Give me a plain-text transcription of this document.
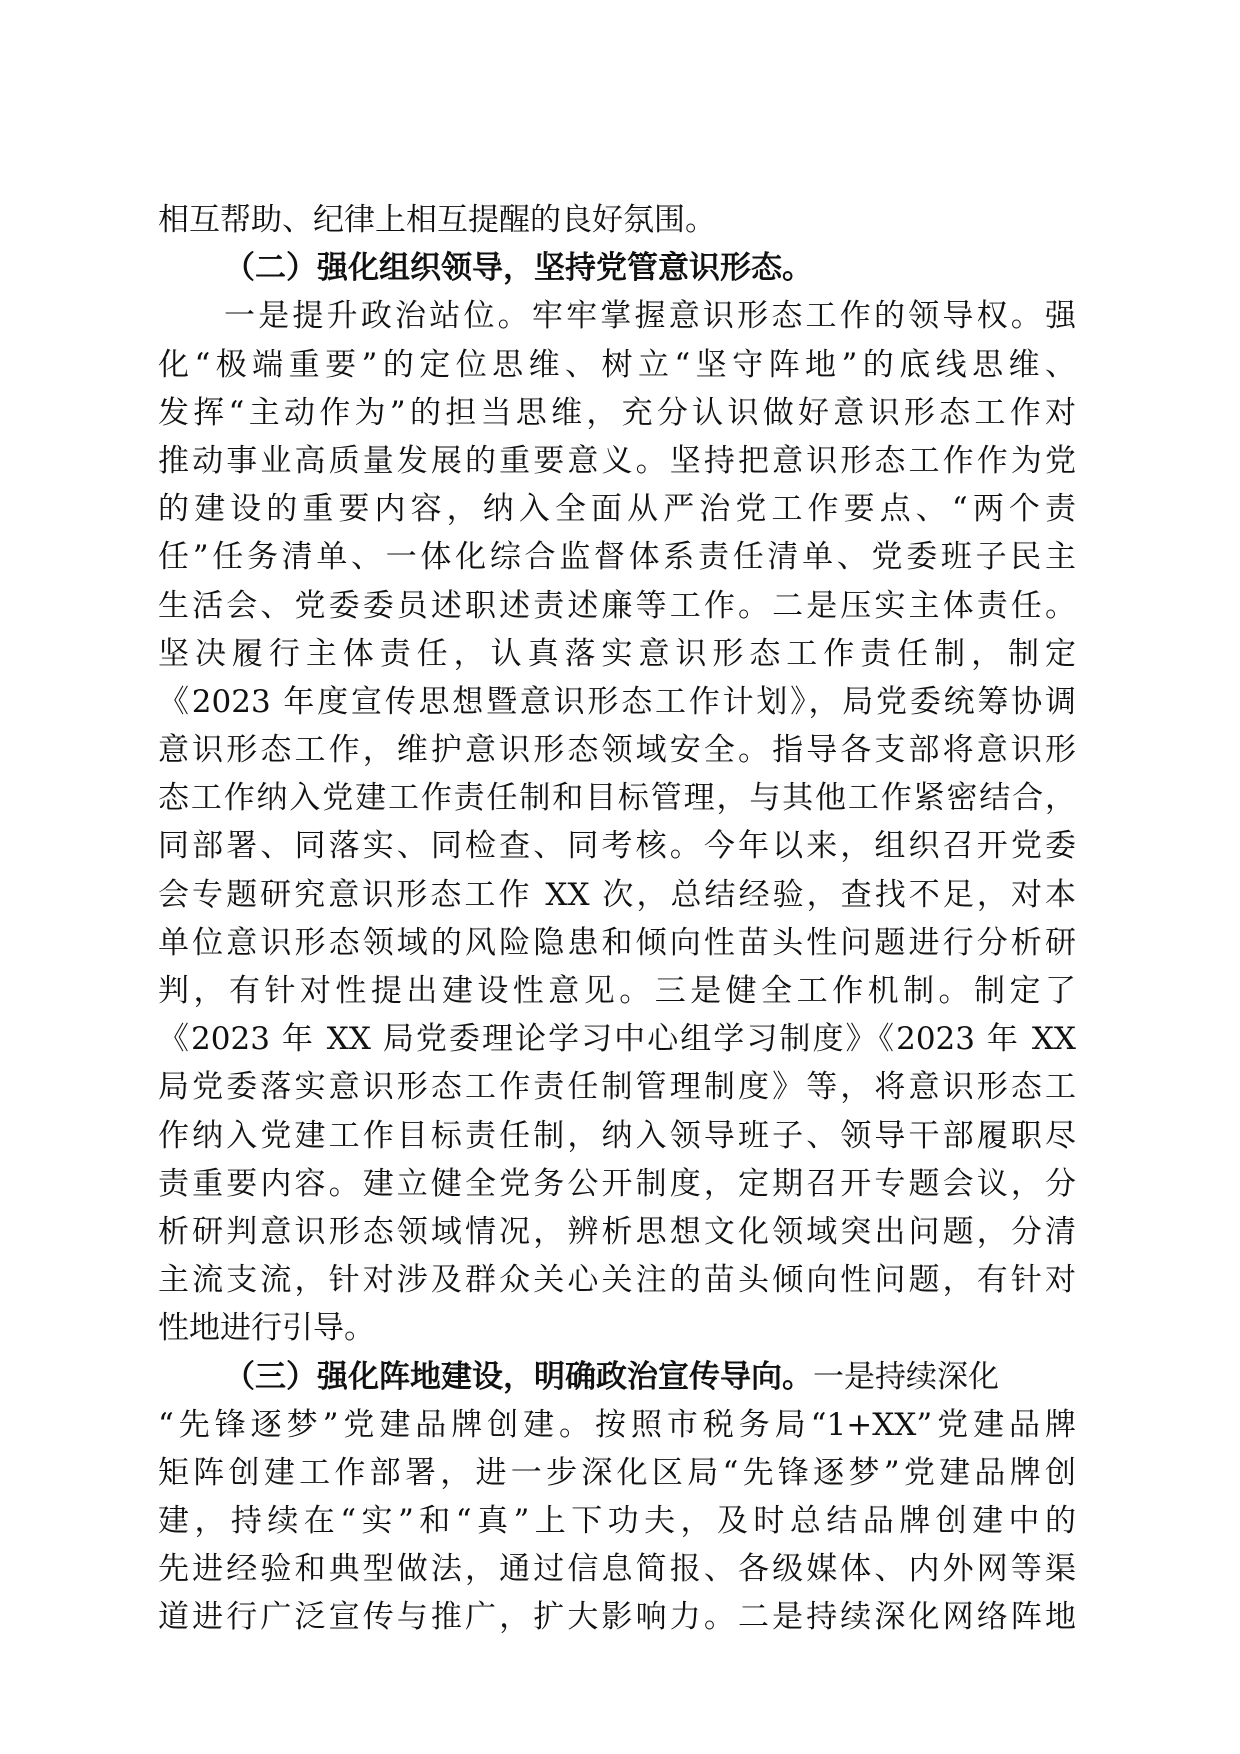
相互帮助、纪律上相互提醒的良好氛围。
（二）强化组织领导，坚持党管意识形态。
一是提升政治站位。牢牢掌握意识形态工作的领导权。强
化“极端重要”的定位思维、树立“坚守阵地”的底线思维、
发挥“主动作为”的担当思维，充分认识做好意识形态工作对
推动事业高质量发展的重要意义。坚持把意识形态工作作为党
的建设的重要内容，纳入全面从严治党工作要点、“两个责
任”任务清单、一体化综合监督体系责任清单、党委班子民主
生活会、党委委员述职述责述廉等工作。二是压实主体责任。
坚决履行主体责任，认真落实意识形态工作责任制，制定
《2023 年度宣传思想暨意识形态工作计划》，局党委统筹协调
意识形态工作，维护意识形态领域安全。指导各支部将意识形
态工作纳入党建工作责任制和目标管理，与其他工作紧密结合，
同部署、同落实、同检查、同考核。今年以来，组织召开党委
会专题研究意识形态工作 XX 次，总结经验，查找不足，对本
单位意识形态领域的风险隐患和倾向性苗头性问题进行分析研
判，有针对性提出建设性意见。三是健全工作机制。制定了
《2023 年 XX 局党委理论学习中心组学习制度》《2023 年 XX
局党委落实意识形态工作责任制管理制度》等，将意识形态工
作纳入党建工作目标责任制，纳入领导班子、领导干部履职尽
责重要内容。建立健全党务公开制度，定期召开专题会议，分
析研判意识形态领域情况，辨析思想文化领域突出问题，分清
主流支流，针对涉及群众关心关注的苗头倾向性问题，有针对
性地进行引导。
（三）强化阵地建设，明确政治宣传导向。一是持续深化
“先锋逐梦”党建品牌创建。按照市税务局“1+XX”党建品牌
矩阵创建工作部署，进一步深化区局“先锋逐梦”党建品牌创
建，持续在“实”和“真”上下功夫，及时总结品牌创建中的
先进经验和典型做法，通过信息简报、各级媒体、内外网等渠
道进行广泛宣传与推广，扩大影响力。二是持续深化网络阵地
